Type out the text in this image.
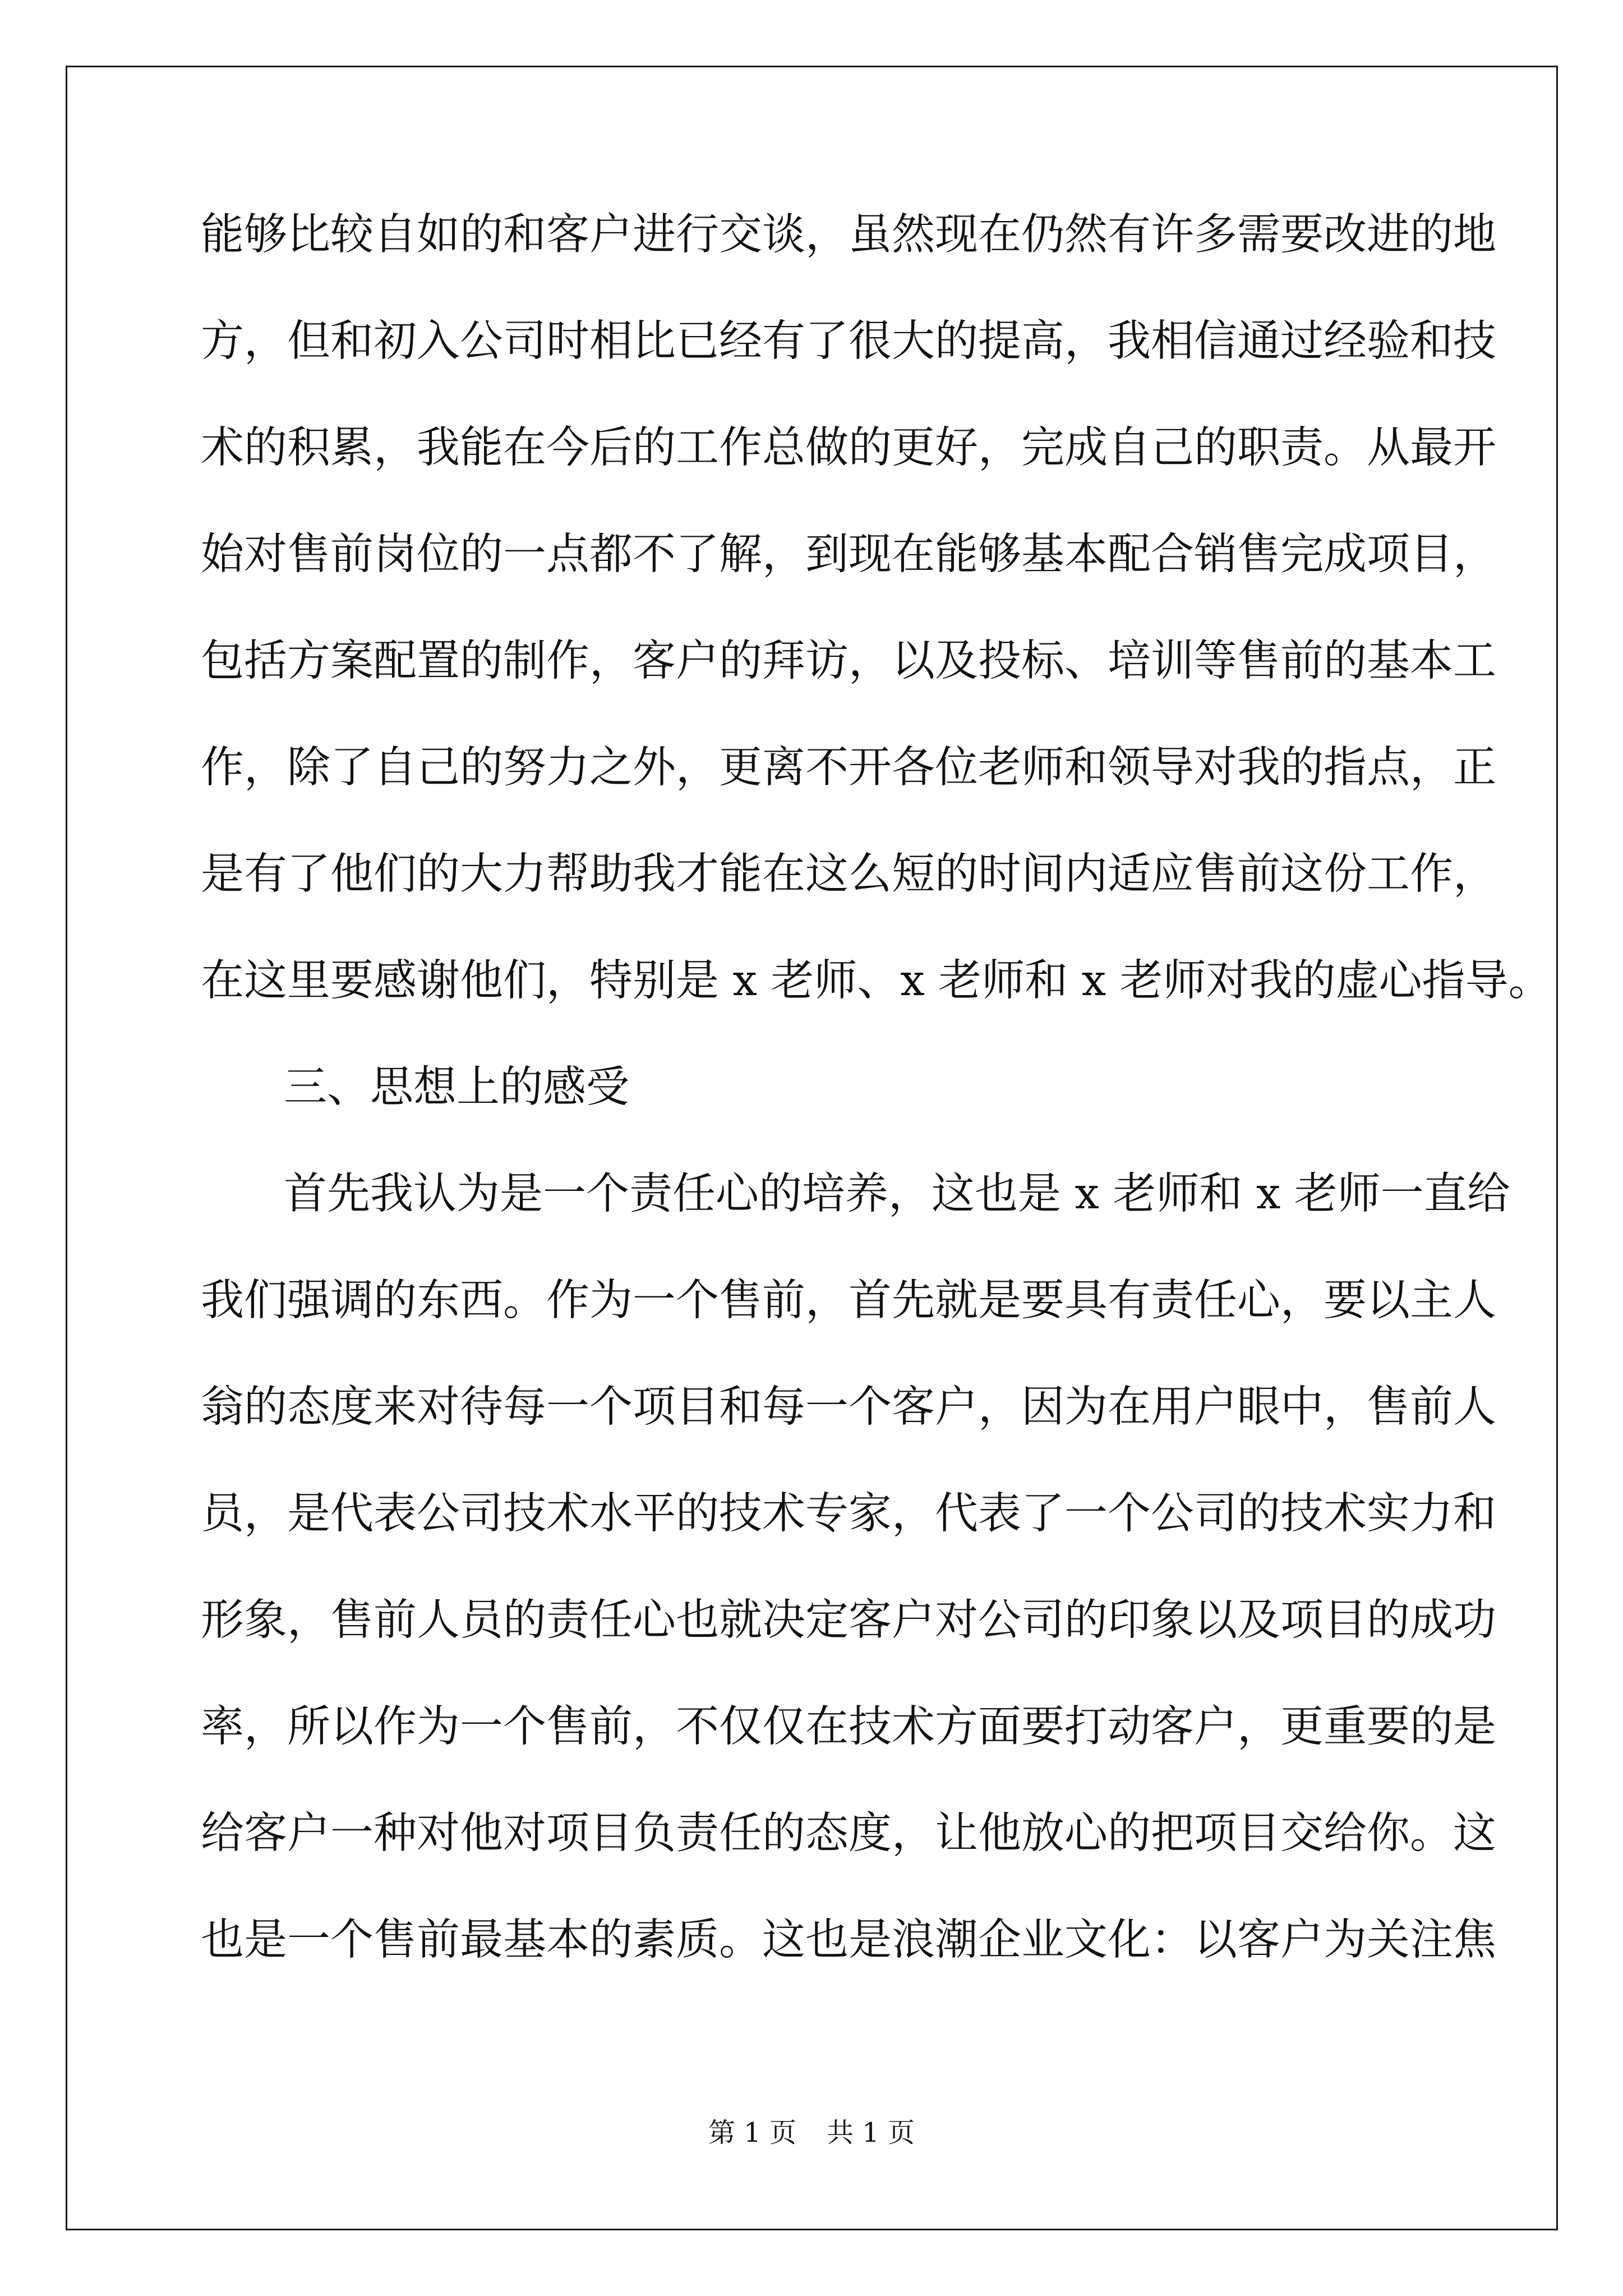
能够比较自如的和客户进行交谈，虽然现在仍然有许多需要改进的地
方，但和初入公司时相比已经有了很大的提高，我相信通过经验和技
术的积累，我能在今后的工作总做的更好，完成自己的职责。从最开
始对售前岗位的一点都不了解，到现在能够基本配合销售完成项目，
包括方案配置的制作，客户的拜访，以及投标、培训等售前的基本工
作，除了自己的努力之外，更离不开各位老师和领导对我的指点，正
是有了他们的大力帮助我才能在这么短的时间内适应售前这份工作，
在这里要感谢他们，特别是 x 老师、x 老师和 x 老师对我的虚心指导。
三、思想上的感受
首先我认为是一个责任心的培养，这也是 x 老师和 x 老师一直给
我们强调的东西。作为一个售前，首先就是要具有责任心，要以主人
翁的态度来对待每一个项目和每一个客户，因为在用户眼中，售前人
员，是代表公司技术水平的技术专家，代表了一个公司的技术实力和
形象，售前人员的责任心也就决定客户对公司的印象以及项目的成功
率，所以作为一个售前，不仅仅在技术方面要打动客户，更重要的是
给客户一种对他对项目负责任的态度，让他放心的把项目交给你。这
也是一个售前最基本的素质。这也是浪潮企业文化：以客户为关注焦
第 1 页 共 1 页
